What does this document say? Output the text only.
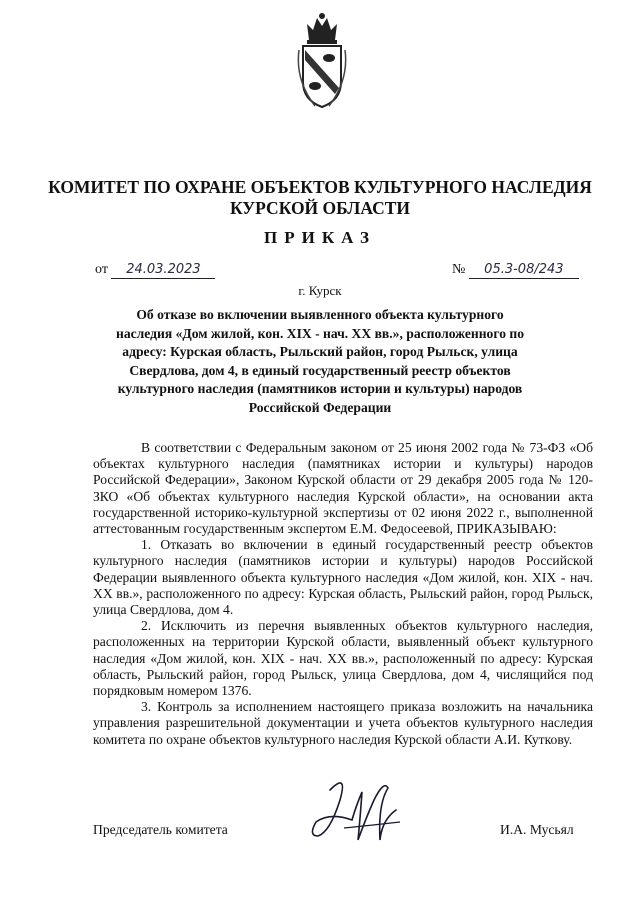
КОМИТЕТ ПО ОХРАНЕ ОБЪЕКТОВ КУЛЬТУРНОГО НАСЛЕДИЯ
КУРСКОЙ ОБЛАСТИ
ПРИКАЗ
от 24.03.2023	№ 05.3-08/243
г. Курск
Об отказе во включении выявленного объекта культурного наследия «Дом жилой, кон. XIX - нач. XX вв.», расположенного по адресу: Курская область, Рыльский район, город Рыльск, улица Свердлова, дом 4, в единый государственный реестр объектов культурного наследия (памятников истории и культуры) народов Российской Федерации

В соответствии с Федеральным законом от 25 июня 2002 года № 73-ФЗ «Об объектах культурного наследия (памятниках истории и культуры) народов Российской Федерации», Законом Курской области от 29 декабря 2005 года № 120-ЗКО «Об объектах культурного наследия Курской области», на основании акта государственной историко-культурной экспертизы от 02 июня 2022 г., выполненной аттестованным государственным экспертом Е.М. Федосеевой, ПРИКАЗЫВАЮ:

1. Отказать во включении в единый государственный реестр объектов культурного наследия (памятников истории и культуры) народов Российской Федерации выявленного объекта культурного наследия «Дом жилой, кон. XIX - нач. XX вв.», расположенного по адресу: Курская область, Рыльский район, город Рыльск, улица Свердлова, дом 4.

2. Исключить из перечня выявленных объектов культурного наследия, расположенных на территории Курской области, выявленный объект культурного наследия «Дом жилой, кон. XIX - нач. XX вв.», расположенный по адресу: Курская область, Рыльский район, город Рыльск, улица Свердлова, дом 4, числящийся под порядковым номером 1376.

3. Контроль за исполнением настоящего приказа возложить на начальника управления разрешительной документации и учета объектов культурного наследия комитета по охране объектов культурного наследия Курской области А.И. Куткову.

Председатель комитета	И.А. Мусьял
